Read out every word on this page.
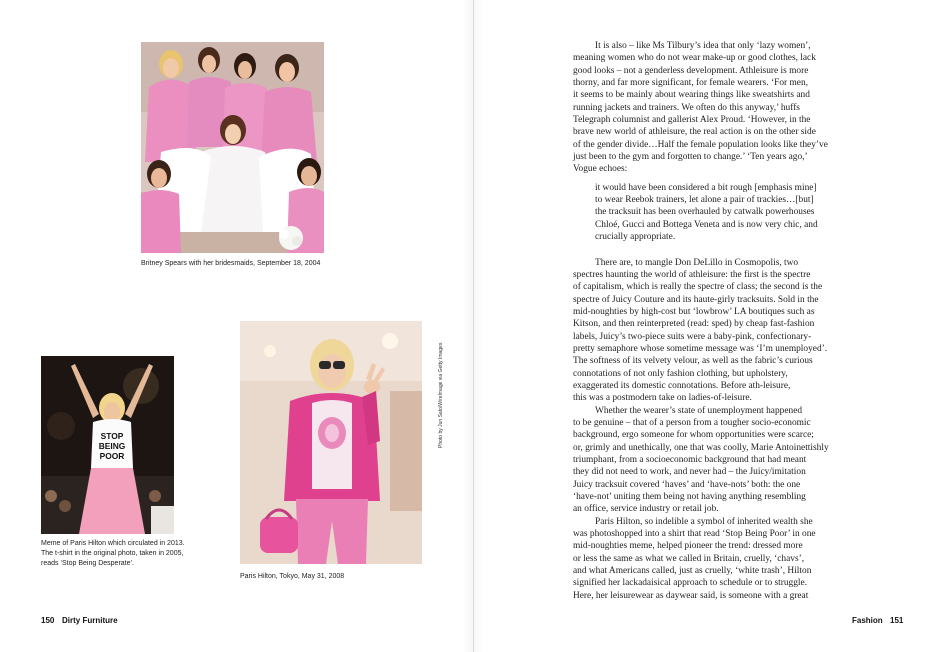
Britney Spears with her bridesmaids, September 18, 2004
STOP
BEING
POOR
Meme of Paris Hilton which circulated in 2013. The t-shirt in the original photo, taken in 2005, reads ‘Stop Being Desperate’.
Paris Hilton, Tokyo, May 31, 2008
Photo by Jun Sato/WireImage via Getty Images

It is also – like Ms Tilbury’s idea that only ‘lazy women’,

meaning women who do not wear make-up or good clothes, lack
good looks – not a genderless development. Athleisure is more
thorny, and far more significant, for female wearers. ‘For men,
it seems to be mainly about wearing things like sweatshirts and
running jackets and trainers. We often do this anyway,’ huffs
Telegraph columnist and gallerist Alex Proud. ‘However, in the
brave new world of athleisure, the real action is on the other side
of the gender divide…Half the female population looks like they’ve
just been to the gym and forgotten to change.’ ‘Ten years ago,’
Vogue echoes:

it would have been considered a bit rough [emphasis mine]
to wear Reebok trainers, let alone a pair of trackies…[but]
the tracksuit has been overhauled by catwalk powerhouses
Chloé, Gucci and Bottega Veneta and is now very chic, and
crucially appropriate.

There are, to mangle Don DeLillo in Cosmopolis, two
spectres haunting the world of athleisure: the first is the spectre
of capitalism, which is really the spectre of class; the second is the
spectre of Juicy Couture and its haute-girly tracksuits. Sold in the
mid-noughties by high-cost but ‘lowbrow’ LA boutiques such as
Kitson, and then reinterpreted (read: sped) by cheap fast-fashion
labels, Juicy’s two-piece suits were a baby-pink, confectionary-
pretty semaphore whose sometime message was ‘I’m unemployed’.
The softness of its velvety velour, as well as the fabric’s curious
connotations of not only fashion clothing, but upholstery,
exaggerated its domestic connotations. Before ath-leisure,
this was a postmodern take on ladies-of-leisure.

Whether the wearer’s state of unemployment happened
to be genuine – that of a person from a tougher socio-economic
background, ergo someone for whom opportunities were scarce;
or, grimly and unethically, one that was coolly, Marie Antoinettishly
triumphant, from a socioeconomic background that had meant
they did not need to work, and never had – the Juicy/imitation
Juicy tracksuit covered ‘haves’ and ‘have-nots’ both: the one
‘have-not’ uniting them being not having anything resembling
an office, service industry or retail job.

Paris Hilton, so indelible a symbol of inherited wealth she
was photoshopped into a shirt that read ‘Stop Being Poor’ in one
mid-noughties meme, helped pioneer the trend: dressed more
or less the same as what we called in Britain, cruelly, ‘chavs’,
and what Americans called, just as cruelly, ‘white trash’, Hilton
signified her lackadaisical approach to schedule or to struggle.
Here, her leisurewear as daywear said, is someone with a great

150 Dirty Furniture	Fashion 151
